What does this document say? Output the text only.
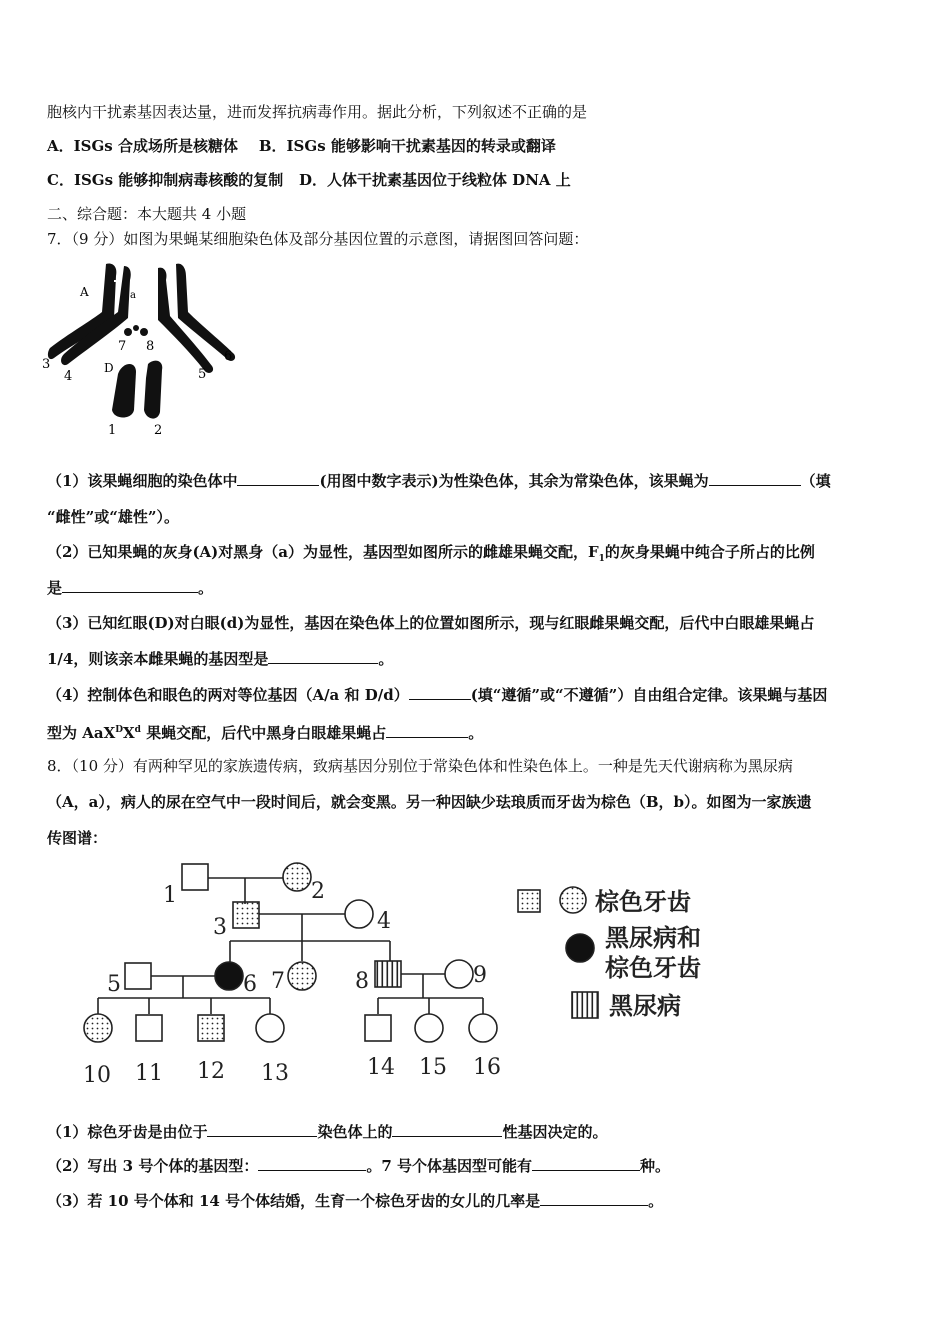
胞核内干扰素基因表达量，进而发挥抗病毒作用。据此分析，下列叙述不正确的是
A．ISGs 合成场所是核糖体 B．ISGs 能够影响干扰素基因的转录或翻译
C．ISGs 能够抑制病毒核酸的复制 D．人体干扰素基因位于线粒体 DNA 上
二、综合题：本大题共 4 小题
7．（9 分）如图为果蝇某细胞染色体及部分基因位置的示意图，请据图回答问题：
A	a
7 8
3
4
D	5
6
1	2
（1）该果蝇细胞的染色体中	(用图中数字表示)为性染色体，其余为常染色体，该果蝇为	（填
“雌性”或“雄性”）。
（2）已知果蝇的灰身(A)对黑身（a）为显性，基因型如图所示的雌雄果蝇交配，$F_1$的灰身果蝇中纯合子所占的比例
是	。
（3）已知红眼(D)对白眼(d)为显性，基因在染色体上的位置如图所示，现与红眼雌果蝇交配，后代中白眼雄果蝇占
1/4，则该亲本雌果蝇的基因型是	。
（4）控制体色和眼色的两对等位基因（A/a 和 D/d）	(填“遵循”或“不遵循”）自由组合定律。该果蝇与基因
型为 $AaX^DX^d$ 果蝇交配，后代中黑身白眼雄果蝇占	。
8．（10 分）有两种罕见的家族遗传病，致病基因分别位于常染色体和性染色体上。一种是先天代谢病称为黑尿病
（A，a），病人的尿在空气中一段时间后，就会变黑。另一种因缺少珐琅质而牙齿为棕色（B，b）。如图为一家族遗
传图谱：
1	2
3	4
5	6 7	8	9
10 11 12 13	14 15 16
棕色牙齿
黑尿病和
棕色牙齿
黑尿病
（1）棕色牙齿是由位于	染色体上的	性基因决定的。
（2）写出 3 号个体的基因型：	。7 号个体基因型可能有	种。
（3）若 10 号个体和 14 号个体结婚，生育一个棕色牙齿的女儿的几率是	。
